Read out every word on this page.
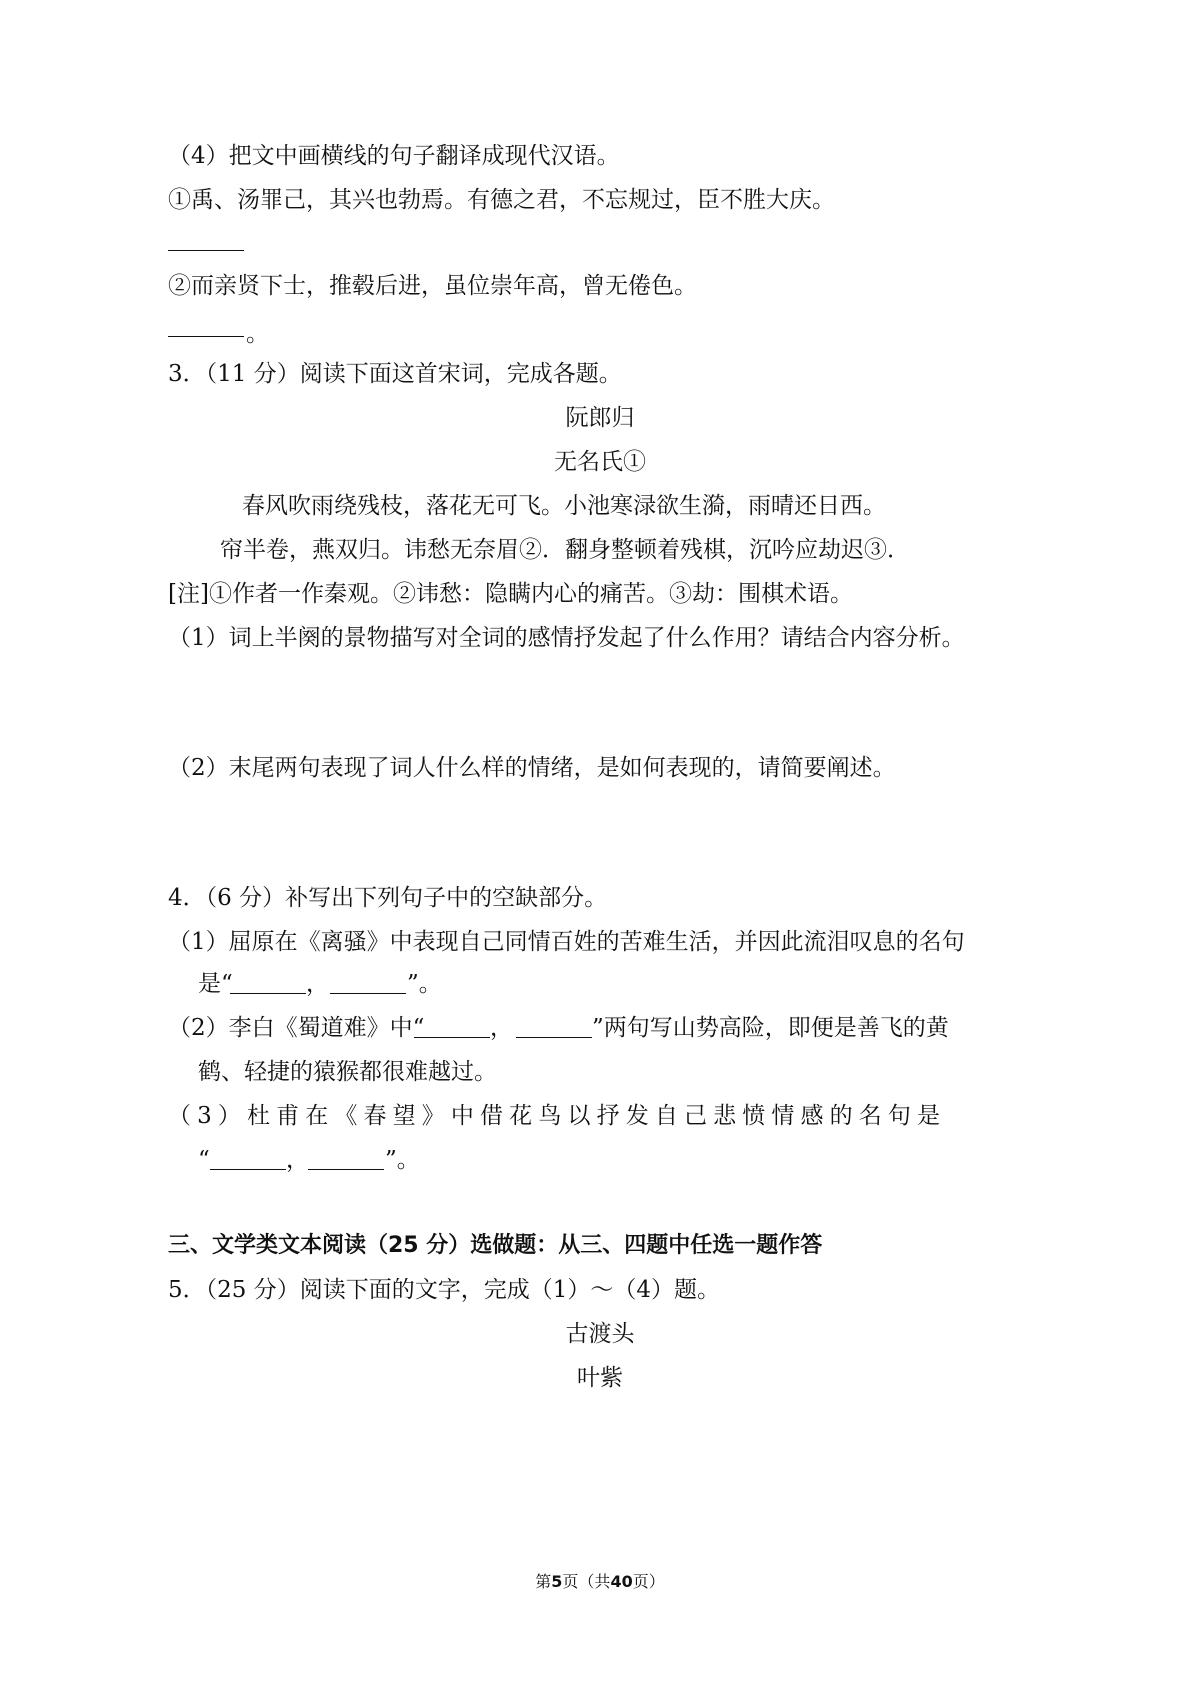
（4）把文中画横线的句子翻译成现代汉语。
①禹、汤罪己，其兴也勃焉。有德之君，不忘规过，臣不胜大庆。
②而亲贤下士，推毂后进，虽位崇年高，曾无倦色。
。
3．（11 分）阅读下面这首宋词，完成各题。
阮郎归
无名氏①
春风吹雨绕残枝，落花无可飞。小池寒渌欲生漪，雨晴还日西。
帘半卷，燕双归。讳愁无奈眉②．翻身整顿着残棋，沉吟应劫迟③．
[注]①作者一作秦观。②讳愁：隐瞒内心的痛苦。③劫：围棋术语。
（1）词上半阕的景物描写对全词的感情抒发起了什么作用？请结合内容分析。
（2）末尾两句表现了词人什么样的情绪，是如何表现的，请简要阐述。
4．（6 分）补写出下列句子中的空缺部分。
（1）屈原在《离骚》中表现自己同情百姓的苦难生活，并因此流泪叹息的名句
是“	，	”。
（2）李白《蜀道难》中“	，	”两句写山势高险，即便是善飞的黄
鹤、轻捷的猿猴都很难越过。
（3）杜甫在《春望》中借花鸟以抒发自己悲愤情感的名句是
“	，	”。
三、文学类文本阅读（25 分）选做题：从三、四题中任选一题作答
5．（25 分）阅读下面的文字，完成（1）～（4）题。
古渡头
叶紫
第5页（共40页）
